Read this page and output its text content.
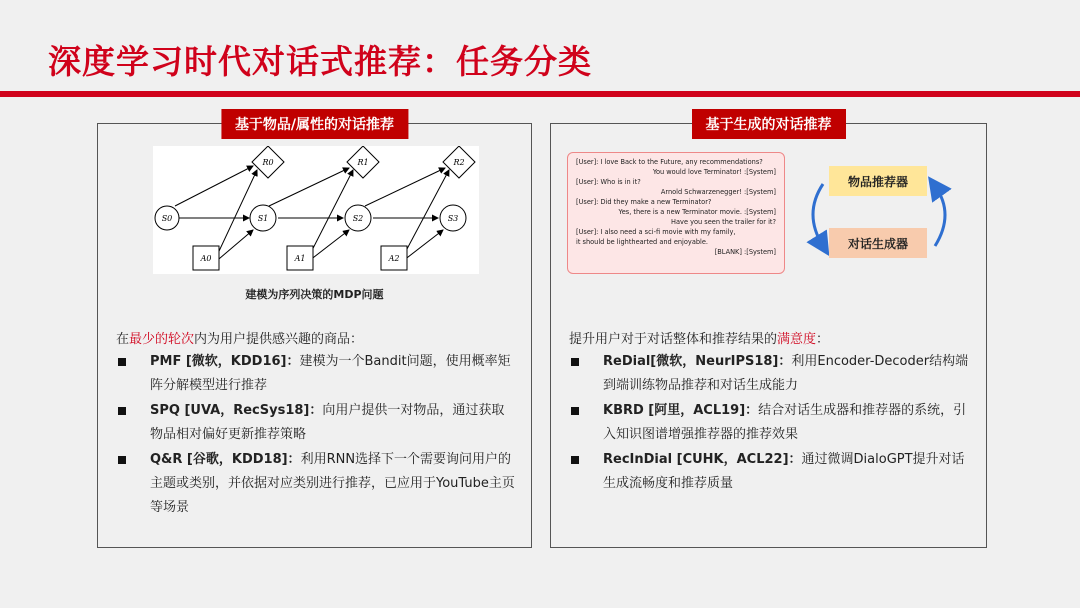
深度学习时代对话式推荐：任务分类
基于物品/属性的对话推荐
R0	R1	R2
S0	S1	S2	S3
A0	A1	A2
建模为序列决策的MDP问题
在最少的轮次内为用户提供感兴趣的商品：
PMF [微软，KDD16]：建模为一个Bandit问题，使用概率矩阵分解模型进行推荐
SPQ [UVA，RecSys18]：向用户提供一对物品，通过获取物品相对偏好更新推荐策略
Q&R [谷歌，KDD18]：利用RNN选择下一个需要询问用户的主题或类别，并依据对应类别进行推荐，已应用于YouTube主页等场景
基于生成的对话推荐
[User]: I love Back to the Future, any recommendations?
You would love Terminator! :[System]
[User]: Who is in it?
Arnold Schwarzenegger! :[System]
[User]: Did they make a new Terminator?
Yes, there is a new Terminator movie. :[System]
Have you seen the trailer for it?
[User]: I also need a sci-fi movie with my family,
it should be lighthearted and enjoyable.
[BLANK] :[System]
物品推荐器
对话生成器
提升用户对于对话整体和推荐结果的满意度：
ReDial[微软，NeurIPS18]：利用Encoder-Decoder结构端到端训练物品推荐和对话生成能力
KBRD [阿里，ACL19]：结合对话生成器和推荐器的系统，引入知识图谱增强推荐器的推荐效果
RecInDial [CUHK，ACL22]：通过微调DialoGPT提升对话生成流畅度和推荐质量
